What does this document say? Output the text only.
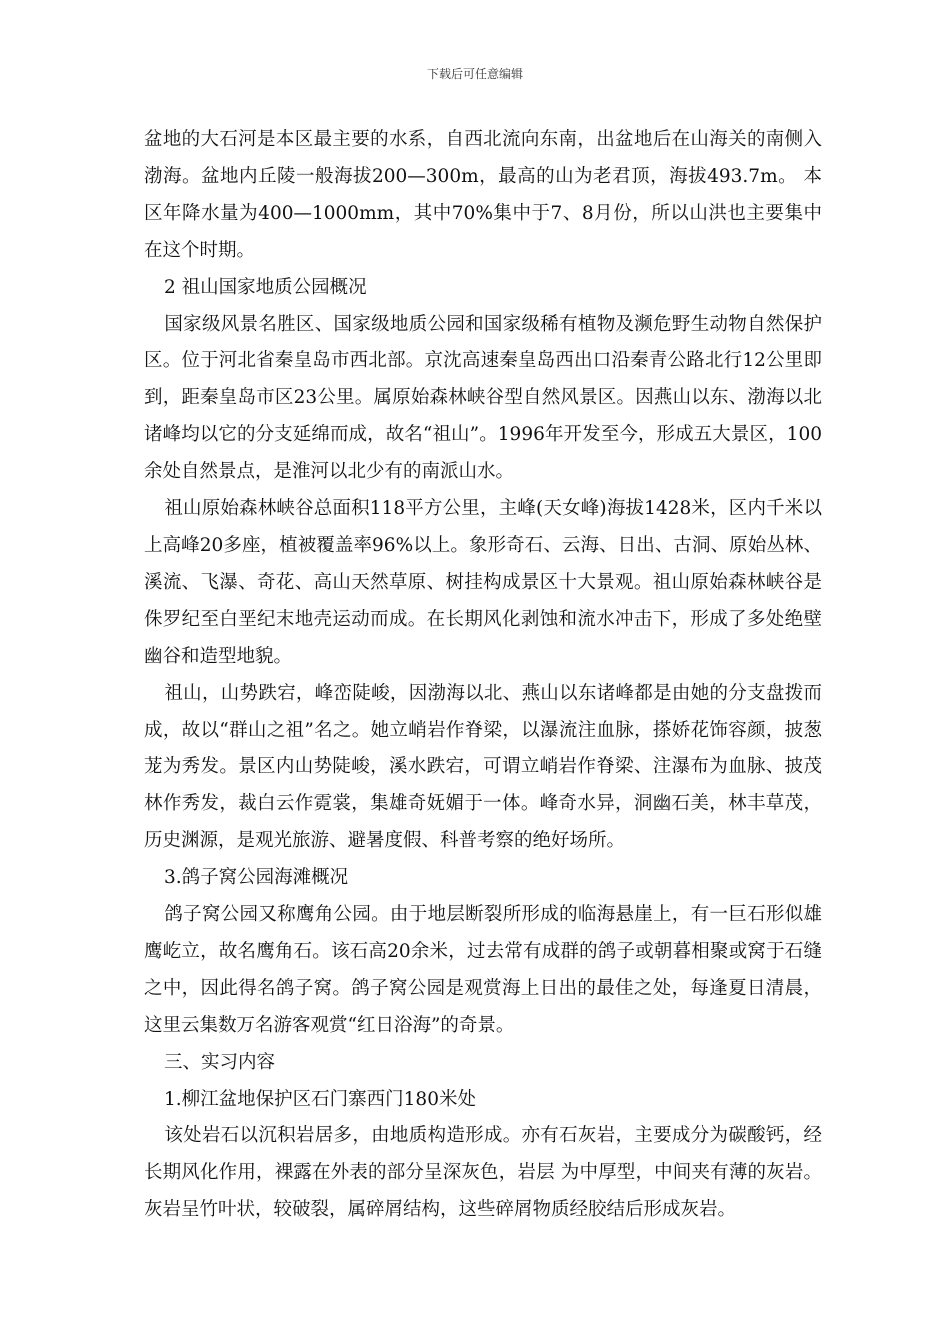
下载后可任意编辑

盆地的大石河是本区最主要的水系，自西北流向东南，出盆地后在山海关的南侧入渤海。盆地内丘陵一般海拔200—300m，最高的山为老君顶，海拔493.7m。 本区年降水量为400—1000mm，其中70%集中于7、8月份，所以山洪也主要集中在这个时期。

2 祖山国家地质公园概况

国家级风景名胜区、国家级地质公园和国家级稀有植物及濒危野生动物自然保护区。位于河北省秦皇岛市西北部。京沈高速秦皇岛西出口沿秦青公路北行12公里即到，距秦皇岛市区23公里。属原始森林峡谷型自然风景区。因燕山以东、渤海以北诸峰均以它的分支延绵而成，故名“祖山”。1996年开发至今，形成五大景区，100余处自然景点，是淮河以北少有的南派山水。

祖山原始森林峡谷总面积118平方公里，主峰(天女峰)海拔1428米，区内千米以上高峰20多座，植被覆盖率96%以上。象形奇石、云海、日出、古洞、原始丛林、溪流、飞瀑、奇花、高山天然草原、树挂构成景区十大景观。祖山原始森林峡谷是侏罗纪至白垩纪末地壳运动而成。在长期风化剥蚀和流水冲击下，形成了多处绝壁幽谷和造型地貌。

祖山，山势跌宕，峰峦陡峻，因渤海以北、燕山以东诸峰都是由她的分支盘拨而成，故以“群山之祖”名之。她立峭岩作脊梁，以瀑流注血脉，搽娇花饰容颜，披葱茏为秀发。景区内山势陡峻，溪水跌宕，可谓立峭岩作脊梁、注瀑布为血脉、披茂林作秀发，裁白云作霓裳，集雄奇妩媚于一体。峰奇水异，洞幽石美，林丰草茂，历史渊源，是观光旅游、避暑度假、科普考察的绝好场所。

3.鸽子窝公园海滩概况

鸽子窝公园又称鹰角公园。由于地层断裂所形成的临海悬崖上，有一巨石形似雄鹰屹立，故名鹰角石。该石高20余米，过去常有成群的鸽子或朝暮相聚或窝于石缝之中，因此得名鸽子窝。鸽子窝公园是观赏海上日出的最佳之处，每逢夏日清晨，这里云集数万名游客观赏“红日浴海”的奇景。

三、实习内容

1.柳江盆地保护区石门寨西门180米处

该处岩石以沉积岩居多，由地质构造形成。亦有石灰岩，主要成分为碳酸钙，经长期风化作用，裸露在外表的部分呈深灰色，岩层 为中厚型，中间夹有薄的灰岩。灰岩呈竹叶状，较破裂，属碎屑结构，这些碎屑物质经胶结后形成灰岩。
